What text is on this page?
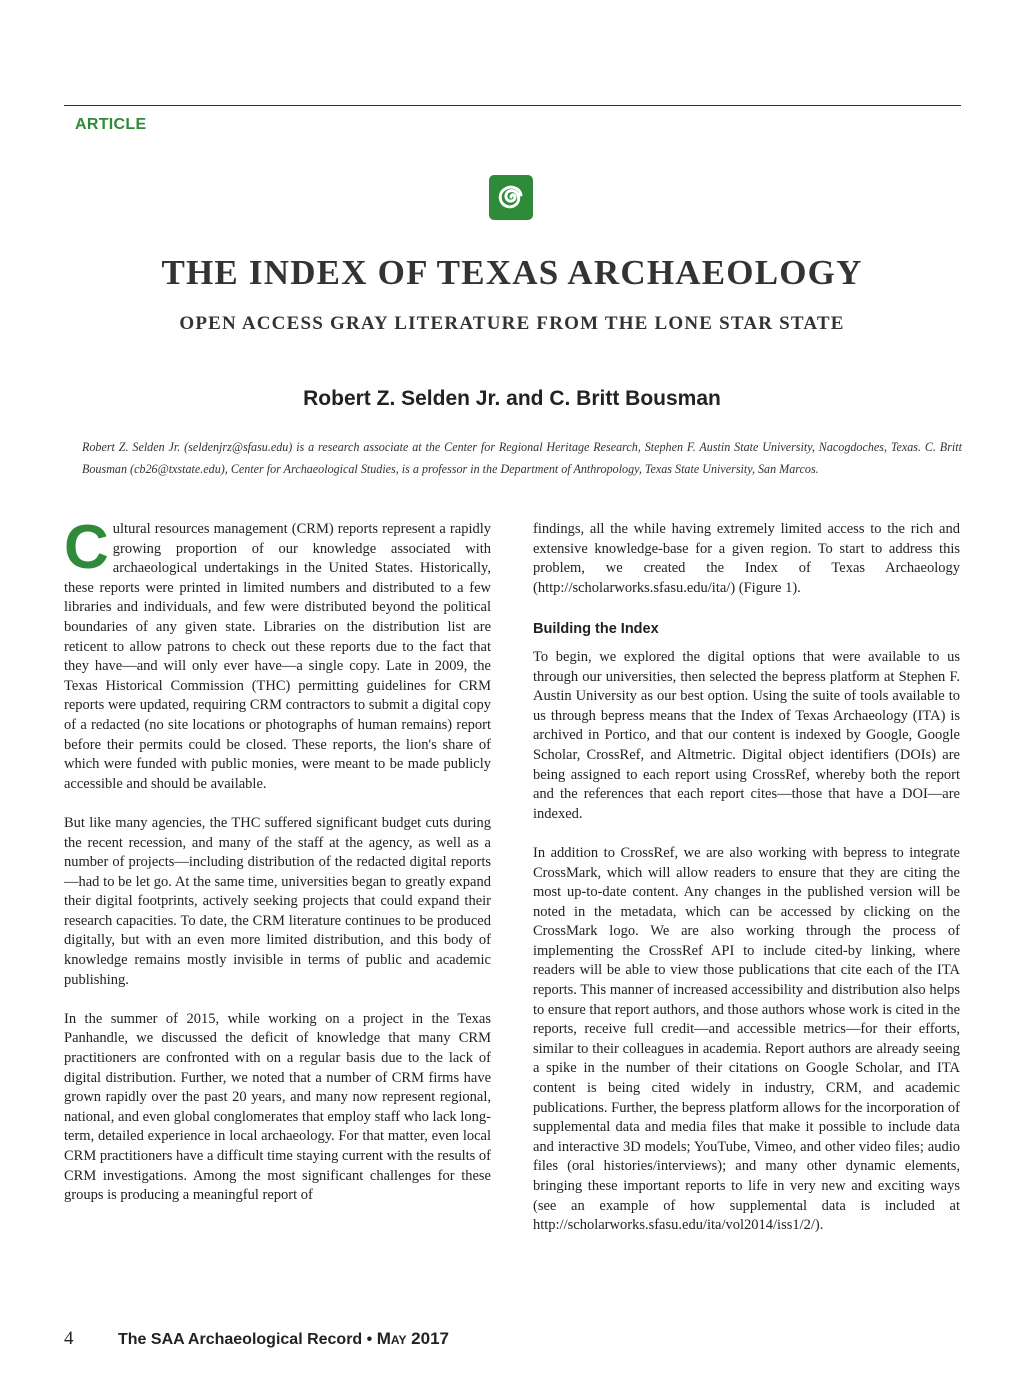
ARTICLE
THE INDEX OF TEXAS ARCHAEOLOGY
OPEN ACCESS GRAY LITERATURE FROM THE LONE STAR STATE
Robert Z. Selden Jr. and C. Britt Bousman
Robert Z. Selden Jr. (seldenjrz@sfasu.edu) is a research associate at the Center for Regional Heritage Research, Stephen F. Austin State University, Nacogdoches, Texas. C. Britt Bousman (cb26@txstate.edu), Center for Archaeological Studies, is a professor in the Department of Anthropology, Texas State University, San Marcos.

Cultural resources management (CRM) reports represent a rapidly growing proportion of our knowledge associated with archaeological undertakings in the United States. Historically, these reports were printed in limited numbers and distributed to a few libraries and individuals, and few were distributed beyond the political boundaries of any given state. Libraries on the distribution list are reticent to allow patrons to check out these reports due to the fact that they have—and will only ever have—a single copy. Late in 2009, the Texas Historical Commission (THC) permitting guidelines for CRM reports were updated, requiring CRM contractors to submit a digital copy of a redacted (no site locations or photographs of human remains) report before their permits could be closed. These reports, the lion's share of which were funded with public monies, were meant to be made publicly accessible and should be available.

But like many agencies, the THC suffered significant budget cuts during the recent recession, and many of the staff at the agency, as well as a number of projects—including distribution of the redacted digital reports—had to be let go. At the same time, universities began to greatly expand their digital footprints, actively seeking projects that could expand their research capacities. To date, the CRM literature continues to be produced digitally, but with an even more limited distribution, and this body of knowledge remains mostly invisible in terms of public and academic publishing.

In the summer of 2015, while working on a project in the Texas Panhandle, we discussed the deficit of knowledge that many CRM practitioners are confronted with on a regular basis due to the lack of digital distribution. Further, we noted that a number of CRM firms have grown rapidly over the past 20 years, and many now represent regional, national, and even global conglomerates that employ staff who lack long-term, detailed experience in local archaeology. For that matter, even local CRM practitioners have a difficult time staying current with the results of CRM investigations. Among the most significant challenges for these groups is producing a meaningful report of

findings, all the while having extremely limited access to the rich and extensive knowledge-base for a given region. To start to address this problem, we created the Index of Texas Archaeology (http://scholarworks.sfasu.edu/ita/) (Figure 1).

Building the Index

To begin, we explored the digital options that were available to us through our universities, then selected the bepress platform at Stephen F. Austin University as our best option. Using the suite of tools available to us through bepress means that the Index of Texas Archaeology (ITA) is archived in Portico, and that our content is indexed by Google, Google Scholar, CrossRef, and Altmetric. Digital object identifiers (DOIs) are being assigned to each report using CrossRef, whereby both the report and the references that each report cites—those that have a DOI—are indexed.

In addition to CrossRef, we are also working with bepress to integrate CrossMark, which will allow readers to ensure that they are citing the most up-to-date content. Any changes in the published version will be noted in the metadata, which can be accessed by clicking on the CrossMark logo. We are also working through the process of implementing the CrossRef API to include cited-by linking, where readers will be able to view those publications that cite each of the ITA reports. This manner of increased accessibility and distribution also helps to ensure that report authors, and those authors whose work is cited in the reports, receive full credit—and accessible metrics—for their efforts, similar to their colleagues in academia. Report authors are already seeing a spike in the number of their citations on Google Scholar, and ITA content is being cited widely in industry, CRM, and academic publications. Further, the bepress platform allows for the incorporation of supplemental data and media files that make it possible to include data and interactive 3D models; YouTube, Vimeo, and other video files; audio files (oral histories/interviews); and many other dynamic elements, bringing these important reports to life in very new and exciting ways (see an example of how supplemental data is included at http://scholarworks.sfasu.edu/ita/vol2014/iss1/2/).

4	The SAA Archaeological Record • May 2017
